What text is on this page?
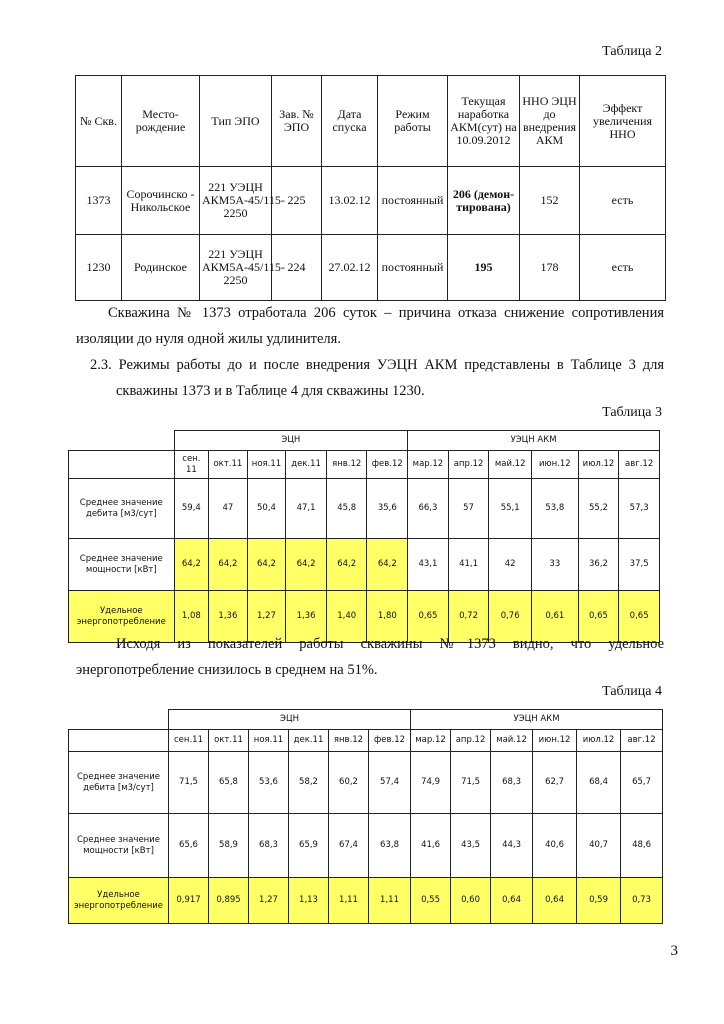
Таблица 2
№ Скв.	Место-рождение	Тип ЭПО	Зав. № ЭПО	Дата спуска	Режим работы	Текущая наработка АКМ(сут) на 10.09.2012	ННО ЭЦН до внедрения АКМ	Эффект увеличения ННО
1373	Сорочинско - Никольское	221 УЭЦН АКМ5А-45/115-2250	225	13.02.12	постоянный	206 (демон-тирована)	152	есть
1230	Родинское	221 УЭЦН АКМ5А-45/115-2250	224	27.02.12	постоянный	195	178	есть
Скважина № 1373 отработала 206 суток – причина отказа снижение сопротивления изоляции до нуля одной жилы удлинителя.
2.3. Режимы работы до и после внедрения УЭЦН АКМ представлены в Таблице 3 для скважины 1373 и в Таблице 4 для скважины 1230.
Таблица 3
	ЭЦН						УЭЦН АКМ					
	сен. 11	окт.11	ноя.11	дек.11	янв.12	фев.12	мар.12	апр.12	май.12	июн.12	июл.12	авг.12
Среднее значение дебита [м3/сут]	59,4	47	50,4	47,1	45,8	35,6	66,3	57	55,1	53,8	55,2	57,3
Среднее значение мощности [кВт]	64,2	64,2	64,2	64,2	64,2	64,2	43,1	41,1	42	33	36,2	37,5
Удельное энергопотребление	1,08	1,36	1,27	1,36	1,40	1,80	0,65	0,72	0,76	0,61	0,65	0,65
Исходя из показателей работы скважины №1373 видно, что удельное энергопотребление снизилось в среднем на 51%.
Таблица 4
	ЭЦН						УЭЦН АКМ					
	сен.11	окт.11	ноя.11	дек.11	янв.12	фев.12	мар.12	апр.12	май.12	июн.12	июл.12	авг.12
Среднее значение дебита [м3/сут]	71,5	65,8	53,6	58,2	60,2	57,4	74,9	71,5	68,3	62,7	68,4	65,7
Среднее значение мощности [кВт]	65,6	58,9	68,3	65,9	67,4	63,8	41,6	43,5	44,3	40,6	40,7	48,6
Удельное энергопотребление	0,917	0,895	1,27	1,13	1,11	1,11	0,55	0,60	0,64	0,64	0,59	0,73
3
